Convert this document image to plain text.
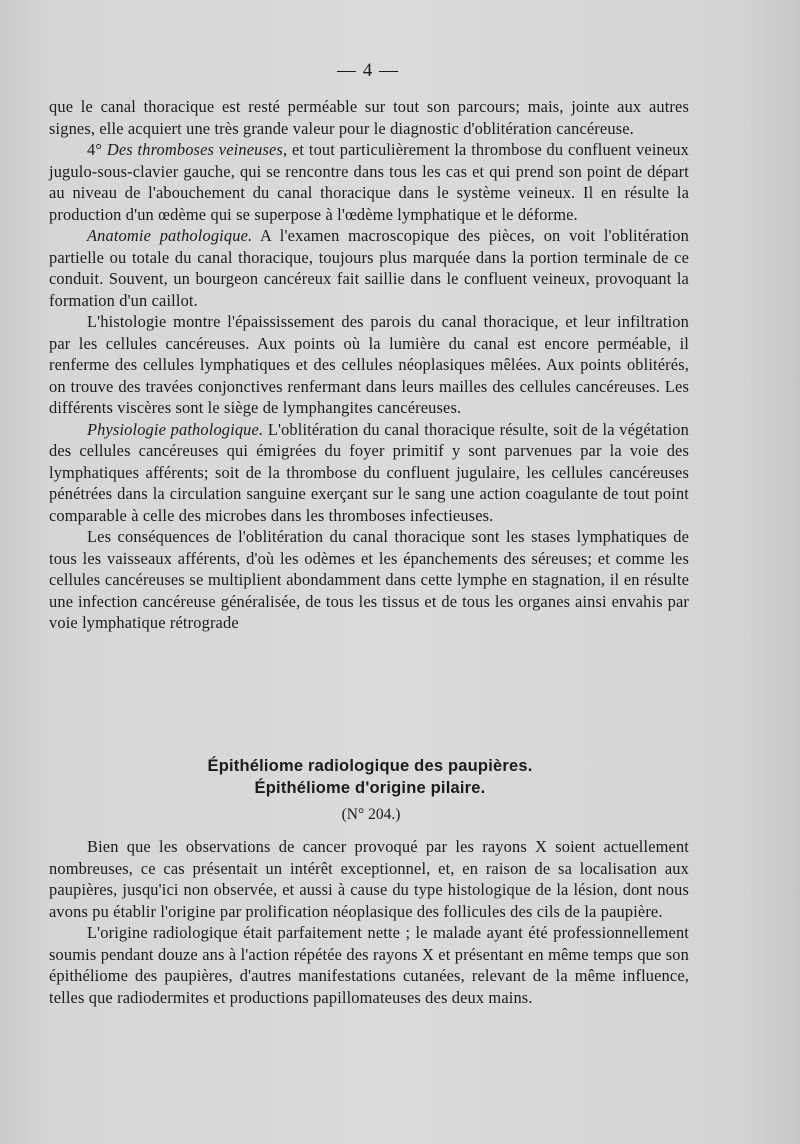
— 4 —

que le canal thoracique est resté perméable sur tout son parcours; mais, jointe aux autres signes, elle acquiert une très grande valeur pour le diagnostic d'oblitération cancéreuse.

4° Des thromboses veineuses, et tout particulièrement la thrombose du confluent veineux jugulo-sous-clavier gauche, qui se rencontre dans tous les cas et qui prend son point de départ au niveau de l'abouchement du canal thoracique dans le système veineux. Il en résulte la production d'un œdème qui se superpose à l'œdème lymphatique et le déforme.

Anatomie pathologique. A l'examen macroscopique des pièces, on voit l'oblitération partielle ou totale du canal thoracique, toujours plus marquée dans la portion terminale de ce conduit. Souvent, un bourgeon cancéreux fait saillie dans le confluent veineux, provoquant la formation d'un caillot.

L'histologie montre l'épaississement des parois du canal thoracique, et leur infiltration par les cellules cancéreuses. Aux points où la lumière du canal est encore perméable, il renferme des cellules lymphatiques et des cellules néoplasiques mêlées. Aux points oblitérés, on trouve des travées conjonctives renfermant dans leurs mailles des cellules cancéreuses. Les différents viscères sont le siège de lymphangites cancéreuses.

Physiologie pathologique. L'oblitération du canal thoracique résulte, soit de la végétation des cellules cancéreuses qui émigrées du foyer primitif y sont parvenues par la voie des lymphatiques afférents; soit de la thrombose du confluent jugulaire, les cellules cancéreuses pénétrées dans la circulation sanguine exerçant sur le sang une action coagulante de tout point comparable à celle des microbes dans les thromboses infectieuses.

Les conséquences de l'oblitération du canal thoracique sont les stases lymphatiques de tous les vaisseaux afférents, d'où les odèmes et les épanchements des séreuses; et comme les cellules cancéreuses se multiplient abondamment dans cette lymphe en stagnation, il en résulte une infection cancéreuse généralisée, de tous les tissus et de tous les organes ainsi envahis par voie lymphatique rétrograde

Épithéliome radiologique des paupières.
Épithéliome d'origine pilaire.
(N° 204.)

Bien que les observations de cancer provoqué par les rayons X soient actuellement nombreuses, ce cas présentait un intérêt exceptionnel, et, en raison de sa localisation aux paupières, jusqu'ici non observée, et aussi à cause du type histologique de la lésion, dont nous avons pu établir l'origine par prolification néoplasique des follicules des cils de la paupière.

L'origine radiologique était parfaitement nette ; le malade ayant été professionnellement soumis pendant douze ans à l'action répétée des rayons X et présentant en même temps que son épithéliome des paupières, d'autres manifestations cutanées, relevant de la même influence, telles que radiodermites et productions papillomateuses des deux mains.
